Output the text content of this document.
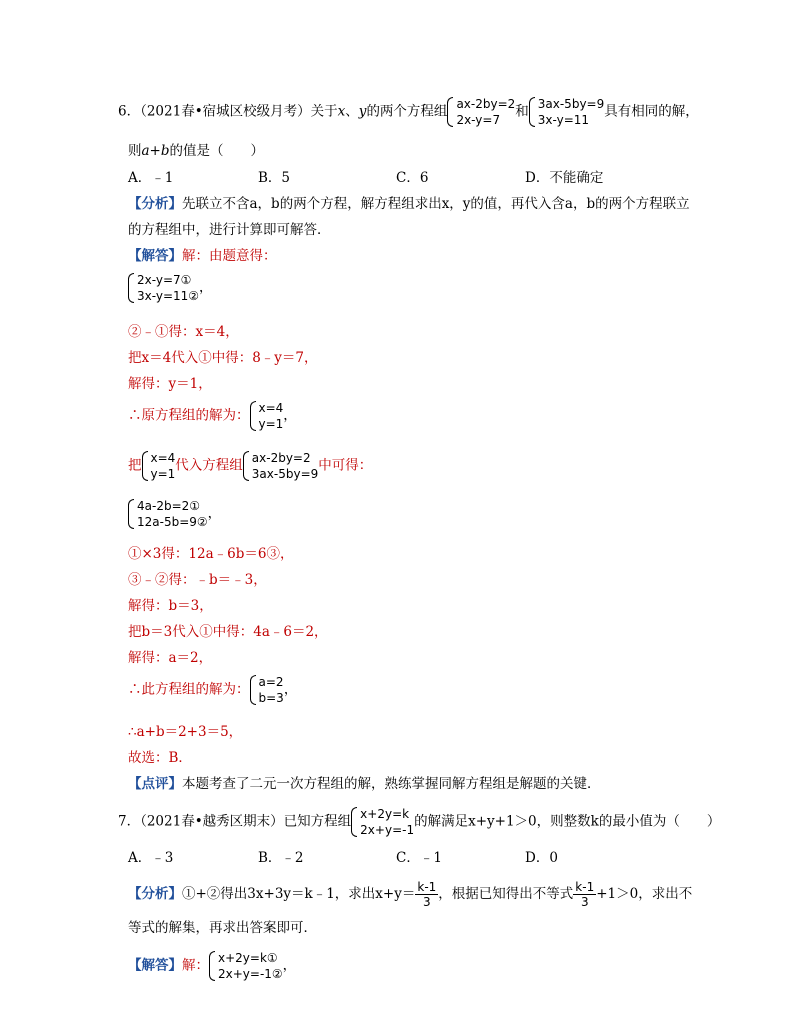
6．（2021春•宿城区校级月考）关于x、y的两个方程组 ax-2by=2
2x-y=7
和 3ax-5by=9
3x-y=11
具有相同的解，
则a+b的值是（　　）
A．﹣1	B．5	C．6	D．不能确定
【分析】先联立不含a，b的两个方程，解方程组求出x，y的值，再代入含a，b的两个方程联立
的方程组中，进行计算即可解答．
【解答】解：由题意得：
2x-y=7①
3x-y=11②
，
②﹣①得：x＝4，
把x＝4代入①中得：8﹣y＝7，
解得：y＝1，
∴原方程组的解为： x=4
y=1
，
把 x=4
y=1
代入方程组 ax-2by=2
3ax-5by=9
中可得：
4a-2b=2①
12a-5b=9②
，
①×3得：12a﹣6b＝6③，
③﹣②得：﹣b＝﹣3，
解得：b＝3，
把b＝3代入①中得：4a﹣6＝2，
解得：a＝2，
∴此方程组的解为： a=2
b=3
，
∴a+b＝2+3＝5，
故选：B．
【点评】本题考查了二元一次方程组的解，熟练掌握同解方程组是解题的关键．
7．（2021春•越秀区期末）已知方程组 x+2y=k
2x+y=-1
的解满足x+y+1＞0，则整数k的最小值为（　　）
A．﹣3	B．﹣2	C．﹣1	D．0
【分析】①+②得出3x+3y＝k﹣1，求出$x+y= \frac{k-1}{3}$ ，根据已知得出不等式 $\frac{k-1}{3} +1>0$，求出不
等式的解集，再求出答案即可．
【解答】解： x+2y=k①
2x+y=-1②
，
